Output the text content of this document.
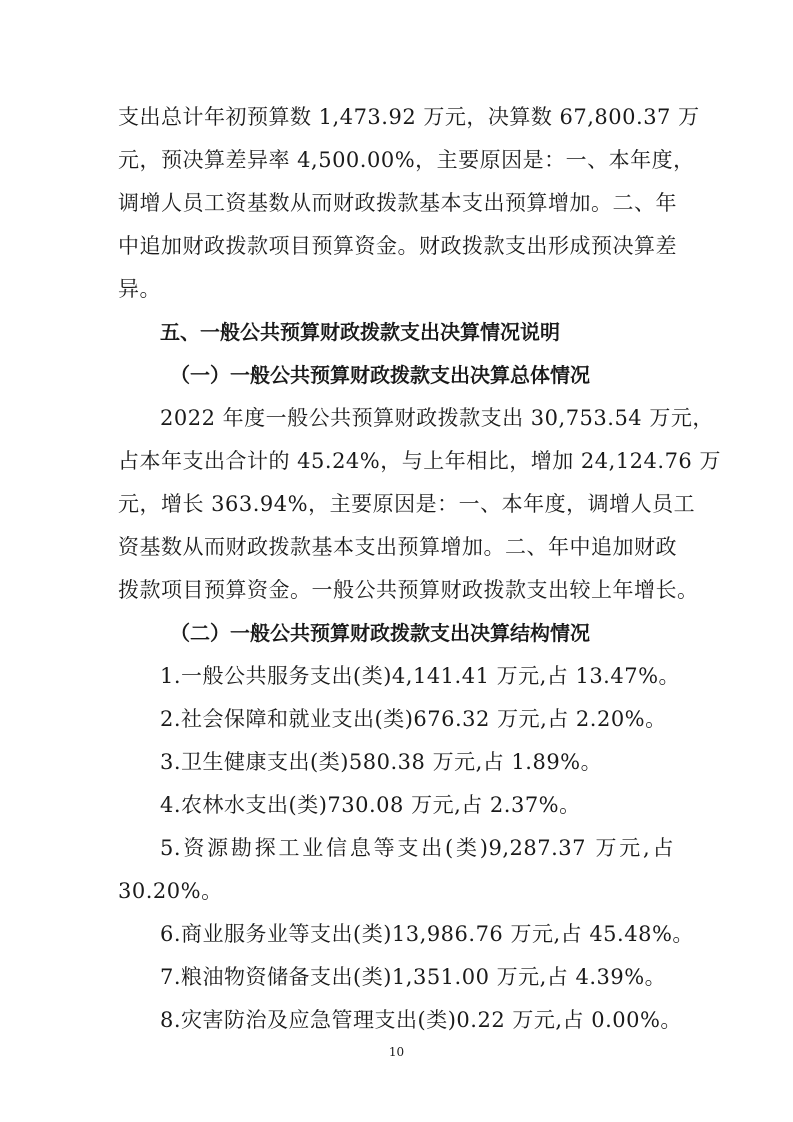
支出总计年初预算数 1,473.92 万元，决算数 67,800.37 万
元，预决算差异率 4,500.00%，主要原因是：一、本年度，
调增人员工资基数从而财政拨款基本支出预算增加。二、年
中追加财政拨款项目预算资金。财政拨款支出形成预决算差
异。
五、一般公共预算财政拨款支出决算情况说明
（一）一般公共预算财政拨款支出决算总体情况
2022 年度一般公共预算财政拨款支出 30,753.54 万元，
占本年支出合计的 45.24%，与上年相比，增加 24,124.76 万
元，增长 363.94%，主要原因是：一、本年度，调增人员工
资基数从而财政拨款基本支出预算增加。二、年中追加财政
拨款项目预算资金。一般公共预算财政拨款支出较上年增长。
（二）一般公共预算财政拨款支出决算结构情况
1.一般公共服务支出(类)4,141.41 万元,占 13.47%。
2.社会保障和就业支出(类)676.32 万元,占 2.20%。
3.卫生健康支出(类)580.38 万元,占 1.89%。
4.农林水支出(类)730.08 万元,占 2.37%。
5.资源勘探工业信息等支出(类)9,287.37 万元,占
30.20%。
6.商业服务业等支出(类)13,986.76 万元,占 45.48%。
7.粮油物资储备支出(类)1,351.00 万元,占 4.39%。
8.灾害防治及应急管理支出(类)0.22 万元,占 0.00%。
10
